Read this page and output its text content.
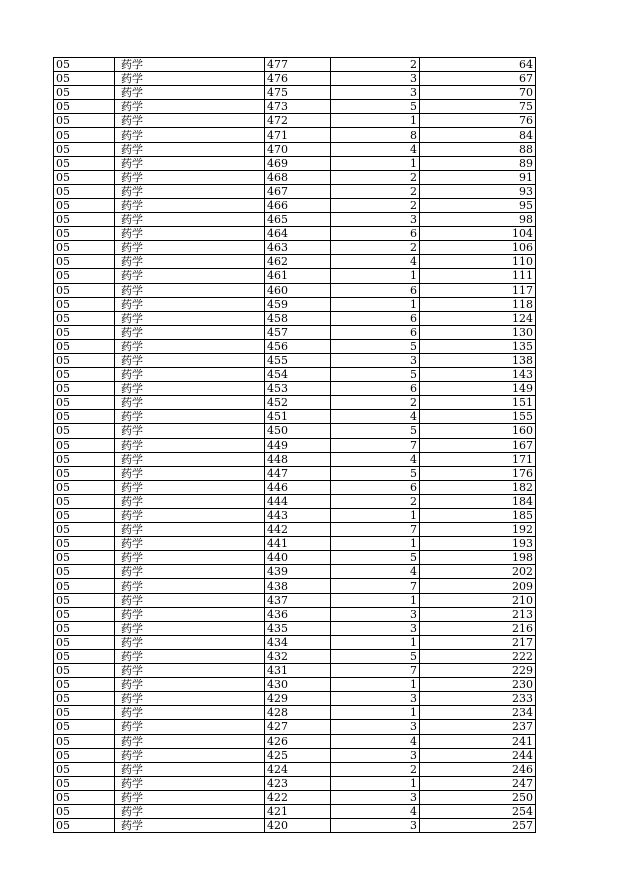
05	药学	477	2	64
05	药学	476	3	67
05	药学	475	3	70
05	药学	473	5	75
05	药学	472	1	76
05	药学	471	8	84
05	药学	470	4	88
05	药学	469	1	89
05	药学	468	2	91
05	药学	467	2	93
05	药学	466	2	95
05	药学	465	3	98
05	药学	464	6	104
05	药学	463	2	106
05	药学	462	4	110
05	药学	461	1	111
05	药学	460	6	117
05	药学	459	1	118
05	药学	458	6	124
05	药学	457	6	130
05	药学	456	5	135
05	药学	455	3	138
05	药学	454	5	143
05	药学	453	6	149
05	药学	452	2	151
05	药学	451	4	155
05	药学	450	5	160
05	药学	449	7	167
05	药学	448	4	171
05	药学	447	5	176
05	药学	446	6	182
05	药学	444	2	184
05	药学	443	1	185
05	药学	442	7	192
05	药学	441	1	193
05	药学	440	5	198
05	药学	439	4	202
05	药学	438	7	209
05	药学	437	1	210
05	药学	436	3	213
05	药学	435	3	216
05	药学	434	1	217
05	药学	432	5	222
05	药学	431	7	229
05	药学	430	1	230
05	药学	429	3	233
05	药学	428	1	234
05	药学	427	3	237
05	药学	426	4	241
05	药学	425	3	244
05	药学	424	2	246
05	药学	423	1	247
05	药学	422	3	250
05	药学	421	4	254
05	药学	420	3	257
